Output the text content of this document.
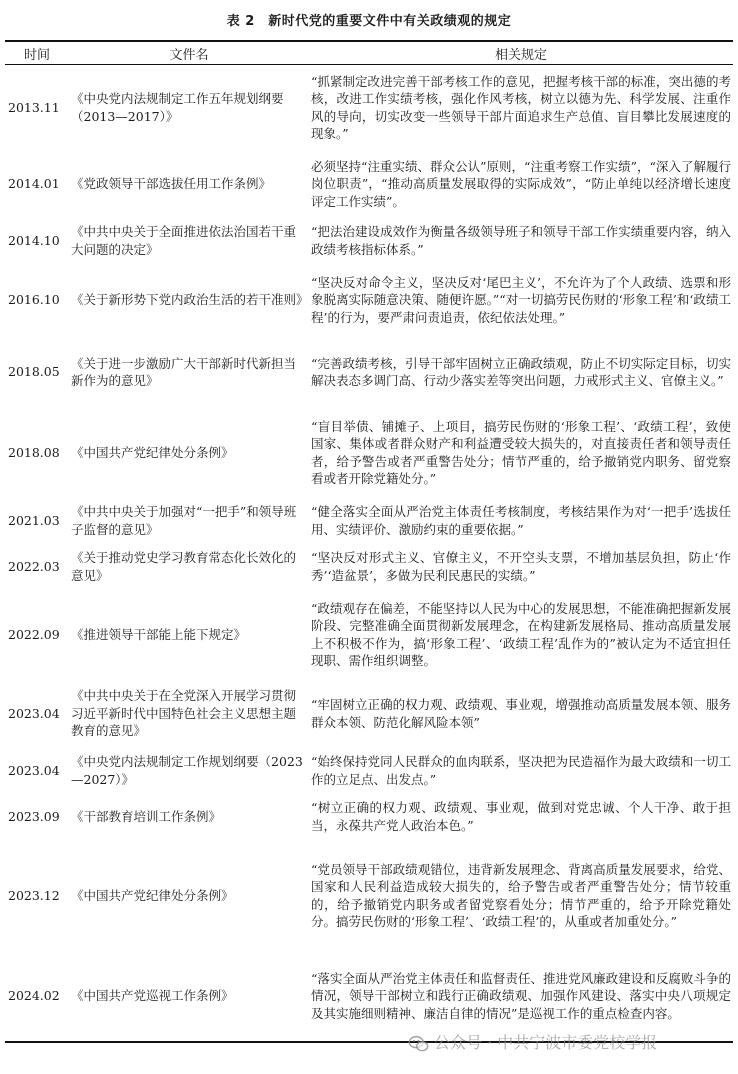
表 2　新时代党的重要文件中有关政绩观的规定
时间	文件名	相关规定
2013.11	《中央党内法规制定工作五年规划纲要（2013—2017）》	“抓紧制定改进完善干部考核工作的意见，把握考核干部的标准，突出德的考核，改进工作实绩考核，强化作风考核，树立以德为先、科学发展、注重作风的导向，切实改变一些领导干部片面追求生产总值、盲目攀比发展速度的现象。”
2014.01	《党政领导干部选拔任用工作条例》	必须坚持“注重实绩、群众公认”原则，“注重考察工作实绩”，“深入了解履行岗位职责”，“推动高质量发展取得的实际成效”，“防止单纯以经济增长速度评定工作实绩”。
2014.10	《中共中央关于全面推进依法治国若干重大问题的决定》	“把法治建设成效作为衡量各级领导班子和领导干部工作实绩重要内容，纳入政绩考核指标体系。”
2016.10	《关于新形势下党内政治生活的若干准则》	“坚决反对命令主义，坚决反对‘尾巴主义’，不允许为了个人政绩、选票和形象脱离实际随意决策、随便许愿。”“对一切搞劳民伤财的‘形象工程’和‘政绩工程’的行为，要严肃问责追责，依纪依法处理。”
2018.05	《关于进一步激励广大干部新时代新担当新作为的意见》	“完善政绩考核，引导干部牢固树立正确政绩观，防止不切实际定目标，切实解决表态多调门高、行动少落实差等突出问题，力戒形式主义、官僚主义。”
2018.08	《中国共产党纪律处分条例》	“盲目举债、铺摊子、上项目，搞劳民伤财的‘形象工程’、‘政绩工程’，致使国家、集体或者群众财产和利益遭受较大损失的，对直接责任者和领导责任者，给予警告或者严重警告处分；情节严重的，给予撤销党内职务、留党察看或者开除党籍处分。”
2021.03	《中共中央关于加强对“一把手”和领导班子监督的意见》	“健全落实全面从严治党主体责任考核制度，考核结果作为对‘一把手’选拔任用、实绩评价、激励约束的重要依据。”
2022.03	《关于推动党史学习教育常态化长效化的意见》	“坚决反对形式主义、官僚主义，不开空头支票，不增加基层负担，防止‘作秀’‘造盆景’，多做为民利民惠民的实绩。”
2022.09	《推进领导干部能上能下规定》	“政绩观存在偏差，不能坚持以人民为中心的发展思想，不能准确把握新发展阶段、完整准确全面贯彻新发展理念，在构建新发展格局、推动高质量发展上不积极不作为，搞‘形象工程’、‘政绩工程’乱作为的”被认定为不适宜担任现职、需作组织调整。
2023.04	《中共中央关于在全党深入开展学习贯彻习近平新时代中国特色社会主义思想主题教育的意见》	“牢固树立正确的权力观、政绩观、事业观，增强推动高质量发展本领、服务群众本领、防范化解风险本领”
2023.04	《中央党内法规制定工作规划纲要（2023—2027）》	“始终保持党同人民群众的血肉联系，坚决把为民造福作为最大政绩和一切工作的立足点、出发点。”
2023.09	《干部教育培训工作条例》	“树立正确的权力观、政绩观、事业观，做到对党忠诚、个人干净、敢于担当，永葆共产党人政治本色。”
2023.12	《中国共产党纪律处分条例》	“党员领导干部政绩观错位，违背新发展理念、背离高质量发展要求，给党、国家和人民利益造成较大损失的，给予警告或者严重警告处分；情节较重的，给予撤销党内职务或者留党察看处分；情节严重的，给予开除党籍处分。搞劳民伤财的‘形象工程’、‘政绩工程’的，从重或者加重处分。”
2024.02	《中国共产党巡视工作条例》	“落实全面从严治党主体责任和监督责任、推进党风廉政建设和反腐败斗争的情况，领导干部树立和践行正确政绩观、加强作风建设、落实中央八项规定及其实施细则精神、廉洁自律的情况”是巡视工作的重点检查内容。
公众号 · 中共宁波市委党校学报
